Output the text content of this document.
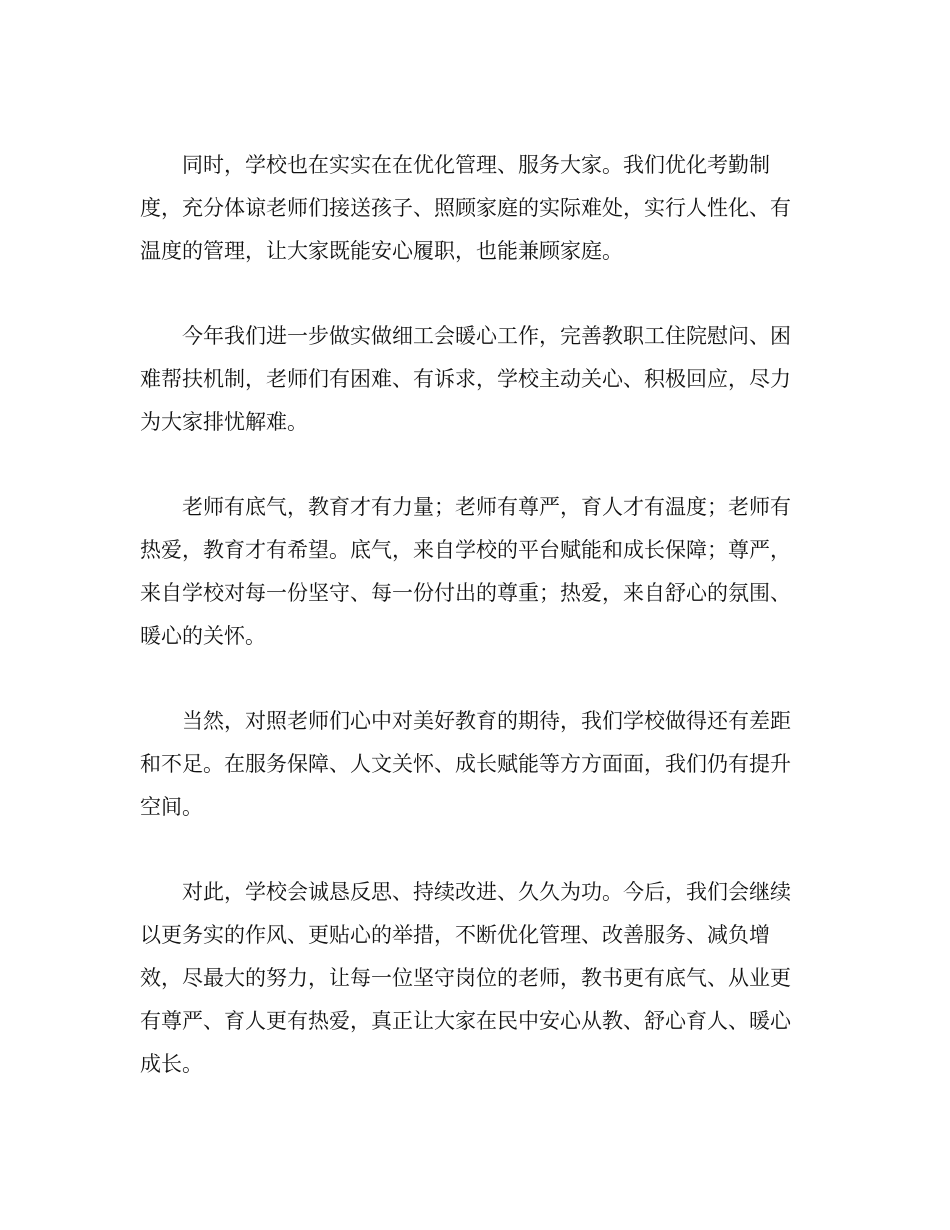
同时，学校也在实实在在优化管理、服务大家。我们优化考勤制度，充分体谅老师们接送孩子、照顾家庭的实际难处，实行人性化、有温度的管理，让大家既能安心履职，也能兼顾家庭。

今年我们进一步做实做细工会暖心工作，完善教职工住院慰问、困难帮扶机制，老师们有困难、有诉求，学校主动关心、积极回应，尽力为大家排忧解难。

老师有底气，教育才有力量；老师有尊严，育人才有温度；老师有热爱，教育才有希望。底气，来自学校的平台赋能和成长保障；尊严，来自学校对每一份坚守、每一份付出的尊重；热爱，来自舒心的氛围、暖心的关怀。

当然，对照老师们心中对美好教育的期待，我们学校做得还有差距和不足。在服务保障、人文关怀、成长赋能等方方面面，我们仍有提升空间。

对此，学校会诚恳反思、持续改进、久久为功。今后，我们会继续以更务实的作风、更贴心的举措，不断优化管理、改善服务、减负增效，尽最大的努力，让每一位坚守岗位的老师，教书更有底气、从业更有尊严、育人更有热爱，真正让大家在民中安心从教、舒心育人、暖心成长。
